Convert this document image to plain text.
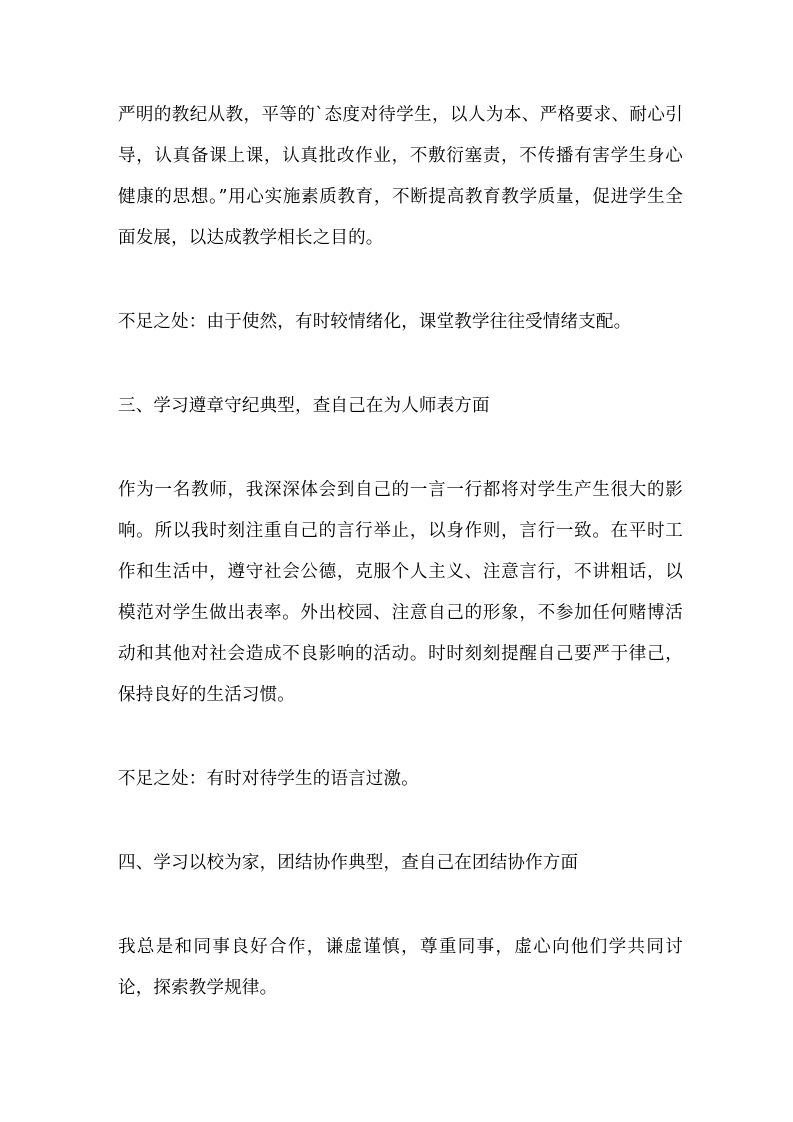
严明的教纪从教，平等的`态度对待学生，以人为本、严格要求、耐心引导，认真备课上课，认真批改作业，不敷衍塞责，不传播有害学生身心健康的思想。”用心实施素质教育，不断提高教育教学质量，促进学生全面发展，以达成教学相长之目的。

不足之处：由于使然，有时较情绪化，课堂教学往往受情绪支配。

三、学习遵章守纪典型，查自己在为人师表方面

作为一名教师，我深深体会到自己的一言一行都将对学生产生很大的影响。所以我时刻注重自己的言行举止，以身作则，言行一致。在平时工作和生活中，遵守社会公德，克服个人主义、注意言行，不讲粗话，以模范对学生做出表率。外出校园、注意自己的形象，不参加任何赌博活动和其他对社会造成不良影响的活动。时时刻刻提醒自己要严于律己，保持良好的生活习惯。

不足之处：有时对待学生的语言过激。

四、学习以校为家，团结协作典型，查自己在团结协作方面

我总是和同事良好合作，谦虚谨慎，尊重同事，虚心向他们学共同讨论，探索教学规律。
